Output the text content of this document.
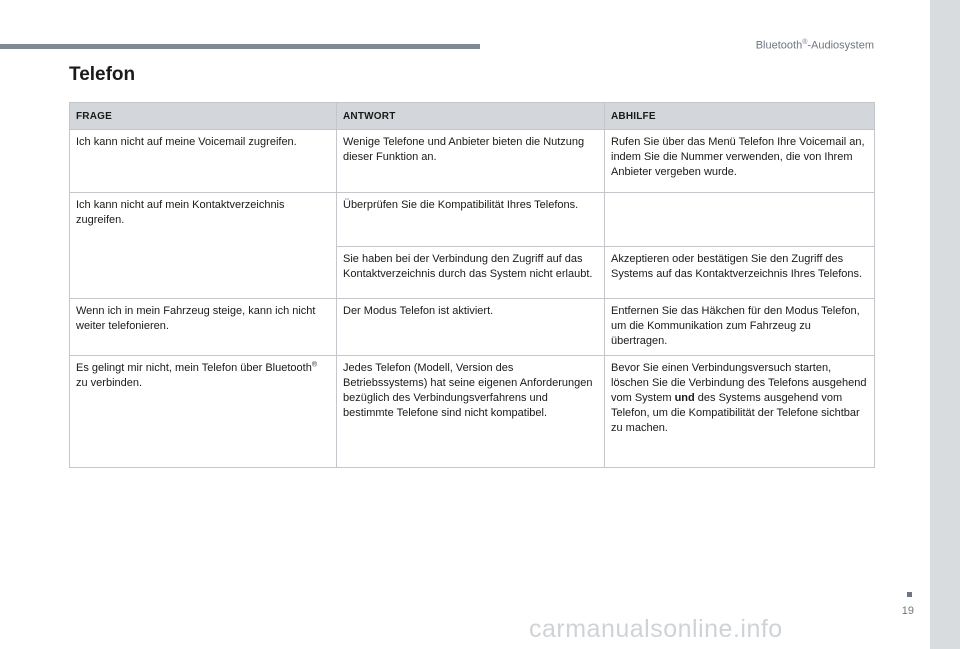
Bluetooth®-Audiosystem
Telefon
FRAGE	ANTWORT	ABHILFE
Ich kann nicht auf meine Voicemail zugreifen.	Wenige Telefone und Anbieter bieten die Nutzung dieser Funktion an.	Rufen Sie über das Menü Telefon Ihre Voicemail an, indem Sie die Nummer verwenden, die von Ihrem Anbieter vergeben wurde.
Ich kann nicht auf mein Kontaktverzeichnis zugreifen.	Überprüfen Sie die Kompatibilität Ihres Telefons.	
	Sie haben bei der Verbindung den Zugriff auf das Kontaktverzeichnis durch das System nicht erlaubt.	Akzeptieren oder bestätigen Sie den Zugriff des Systems auf das Kontaktverzeichnis Ihres Telefons.
Wenn ich in mein Fahrzeug steige, kann ich nicht weiter telefonieren.	Der Modus Telefon ist aktiviert.	Entfernen Sie das Häkchen für den Modus Telefon, um die Kommunikation zum Fahrzeug zu übertragen.
Es gelingt mir nicht, mein Telefon über Bluetooth® zu verbinden.	Jedes Telefon (Modell, Version des Betriebssystems) hat seine eigenen Anforderungen bezüglich des Verbindungsverfahrens und bestimmte Telefone sind nicht kompatibel.	Bevor Sie einen Verbindungsversuch starten, löschen Sie die Verbindung des Telefons ausgehend vom System und des Systems ausgehend vom Telefon, um die Kompatibilität der Telefone sichtbar zu machen.
19
carmanualsonline.info
